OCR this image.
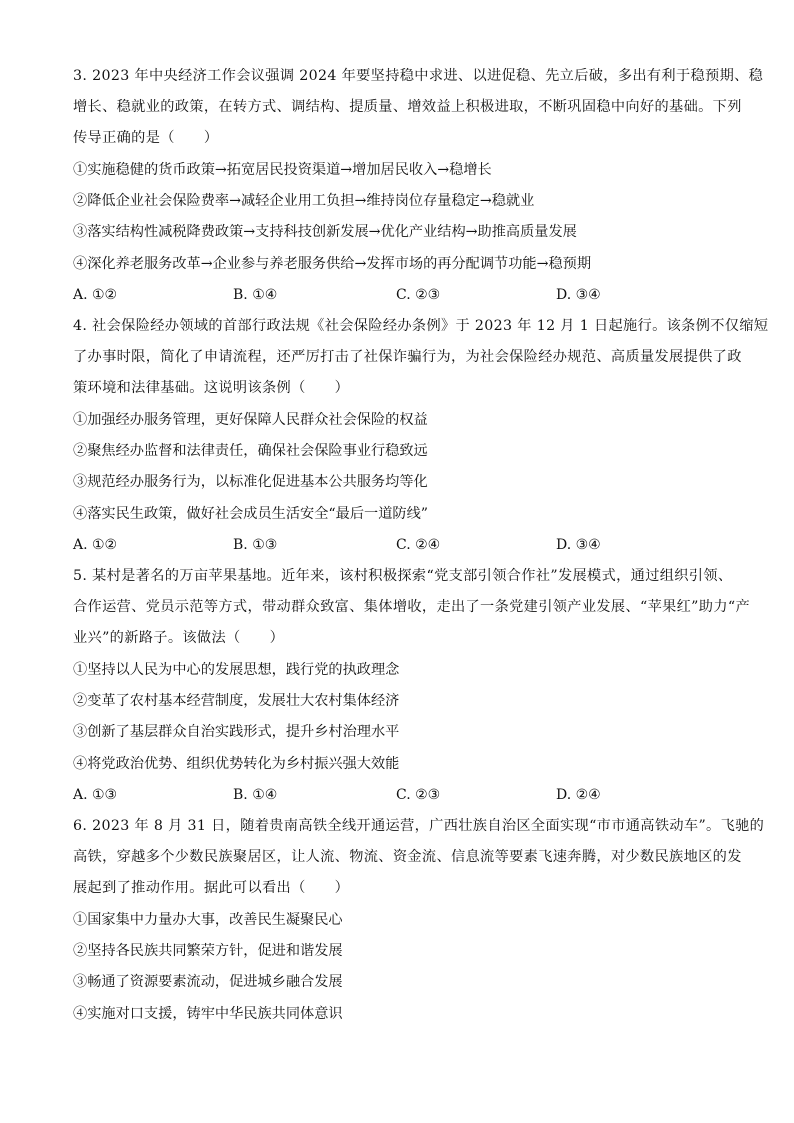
3. 2023 年中央经济工作会议强调 2024 年要坚持稳中求进、以进促稳、先立后破，多出有利于稳预期、稳
增长、稳就业的政策，在转方式、调结构、提质量、增效益上积极进取，不断巩固稳中向好的基础。下列
传导正确的是（　　）
①实施稳健的货币政策→拓宽居民投资渠道→增加居民收入→稳增长
②降低企业社会保险费率→减轻企业用工负担→维持岗位存量稳定→稳就业
③落实结构性减税降费政策→支持科技创新发展→优化产业结构→助推高质量发展
④深化养老服务改革→企业参与养老服务供给→发挥市场的再分配调节功能→稳预期
A. ①②	B. ①④	C. ②③	D. ③④
4. 社会保险经办领域的首部行政法规《社会保险经办条例》于 2023 年 12 月 1 日起施行。该条例不仅缩短
了办事时限，简化了申请流程，还严厉打击了社保诈骗行为，为社会保险经办规范、高质量发展提供了政
策环境和法律基础。这说明该条例（　　）
①加强经办服务管理，更好保障人民群众社会保险的权益
②聚焦经办监督和法律责任，确保社会保险事业行稳致远
③规范经办服务行为，以标准化促进基本公共服务均等化
④落实民生政策，做好社会成员生活安全“最后一道防线”
A. ①②	B. ①③	C. ②④	D. ③④
5. 某村是著名的万亩苹果基地。近年来，该村积极探索“党支部引领合作社”发展模式，通过组织引领、
合作运营、党员示范等方式，带动群众致富、集体增收，走出了一条党建引领产业发展、“苹果红”助力“产
业兴”的新路子。该做法（　　）
①坚持以人民为中心的发展思想，践行党的执政理念
②变革了农村基本经营制度，发展壮大农村集体经济
③创新了基层群众自治实践形式，提升乡村治理水平
④将党政治优势、组织优势转化为乡村振兴强大效能
A. ①③	B. ①④	C. ②③	D. ②④
6. 2023 年 8 月 31 日，随着贵南高铁全线开通运营，广西壮族自治区全面实现“市市通高铁动车”。飞驰的
高铁，穿越多个少数民族聚居区，让人流、物流、资金流、信息流等要素飞速奔腾，对少数民族地区的发
展起到了推动作用。据此可以看出（　　）
①国家集中力量办大事，改善民生凝聚民心
②坚持各民族共同繁荣方针，促进和谐发展
③畅通了资源要素流动，促进城乡融合发展
④实施对口支援，铸牢中华民族共同体意识
